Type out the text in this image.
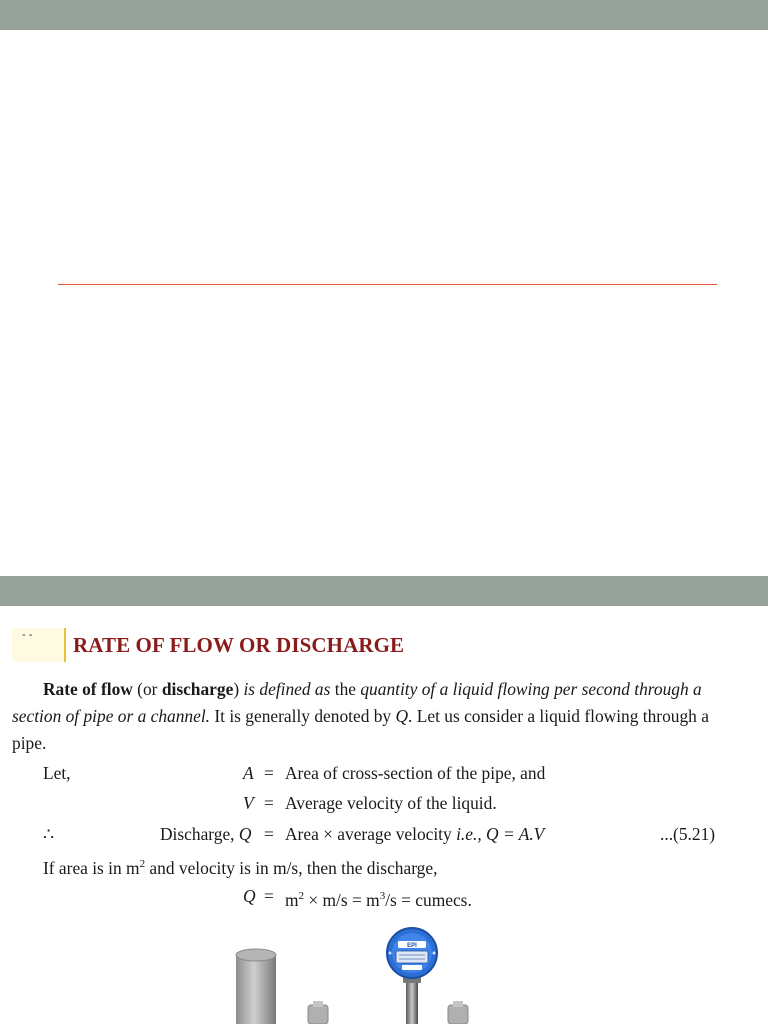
- -	RATE OF FLOW OR DISCHARGE
Rate of flow (or discharge) is defined as the quantity of a liquid flowing per second through a section of pipe or a channel. It is generally denoted by Q. Let us consider a liquid flowing through a pipe.
Let,	A = Area of cross-section of the pipe, and
V = Average velocity of the liquid.
∴	Discharge, Q = Area × average velocity i.e., Q = A.V	...(5.21)
If area is in $m^2$ and velocity is in m/s, then the discharge,
$Q = m^2 \times m/s = m^3/s$ = cumecs.
EPI
